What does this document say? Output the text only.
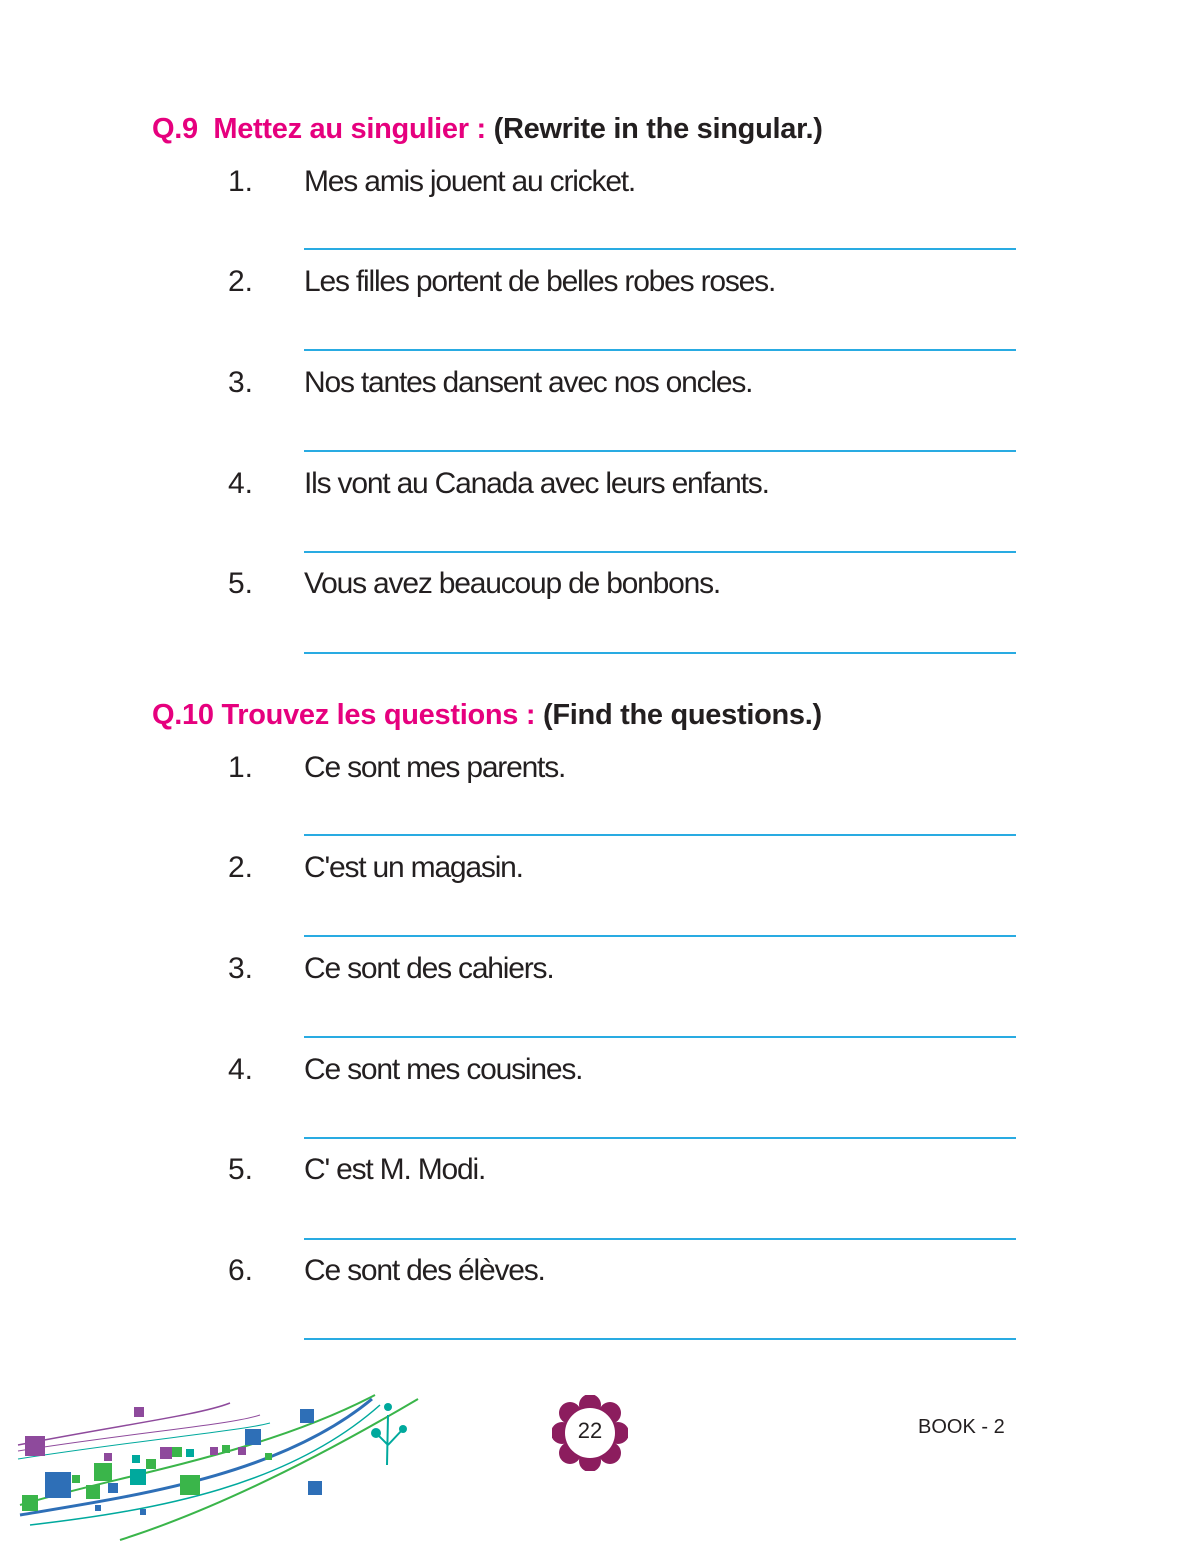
Q.9 Mettez au singulier : (Rewrite in the singular.)
1. Mes amis jouent au cricket.
2. Les filles portent de belles robes roses.
3. Nos tantes dansent avec nos oncles.
4. Ils vont au Canada avec leurs enfants.
5. Vous avez beaucoup de bonbons.
Q.10 Trouvez les questions : (Find the questions.)
1. Ce sont mes parents.
2. C'est un magasin.
3. Ce sont des cahiers.
4. Ce sont mes cousines.
5. C' est M. Modi.
6. Ce sont des élèves.
22	BOOK - 2
